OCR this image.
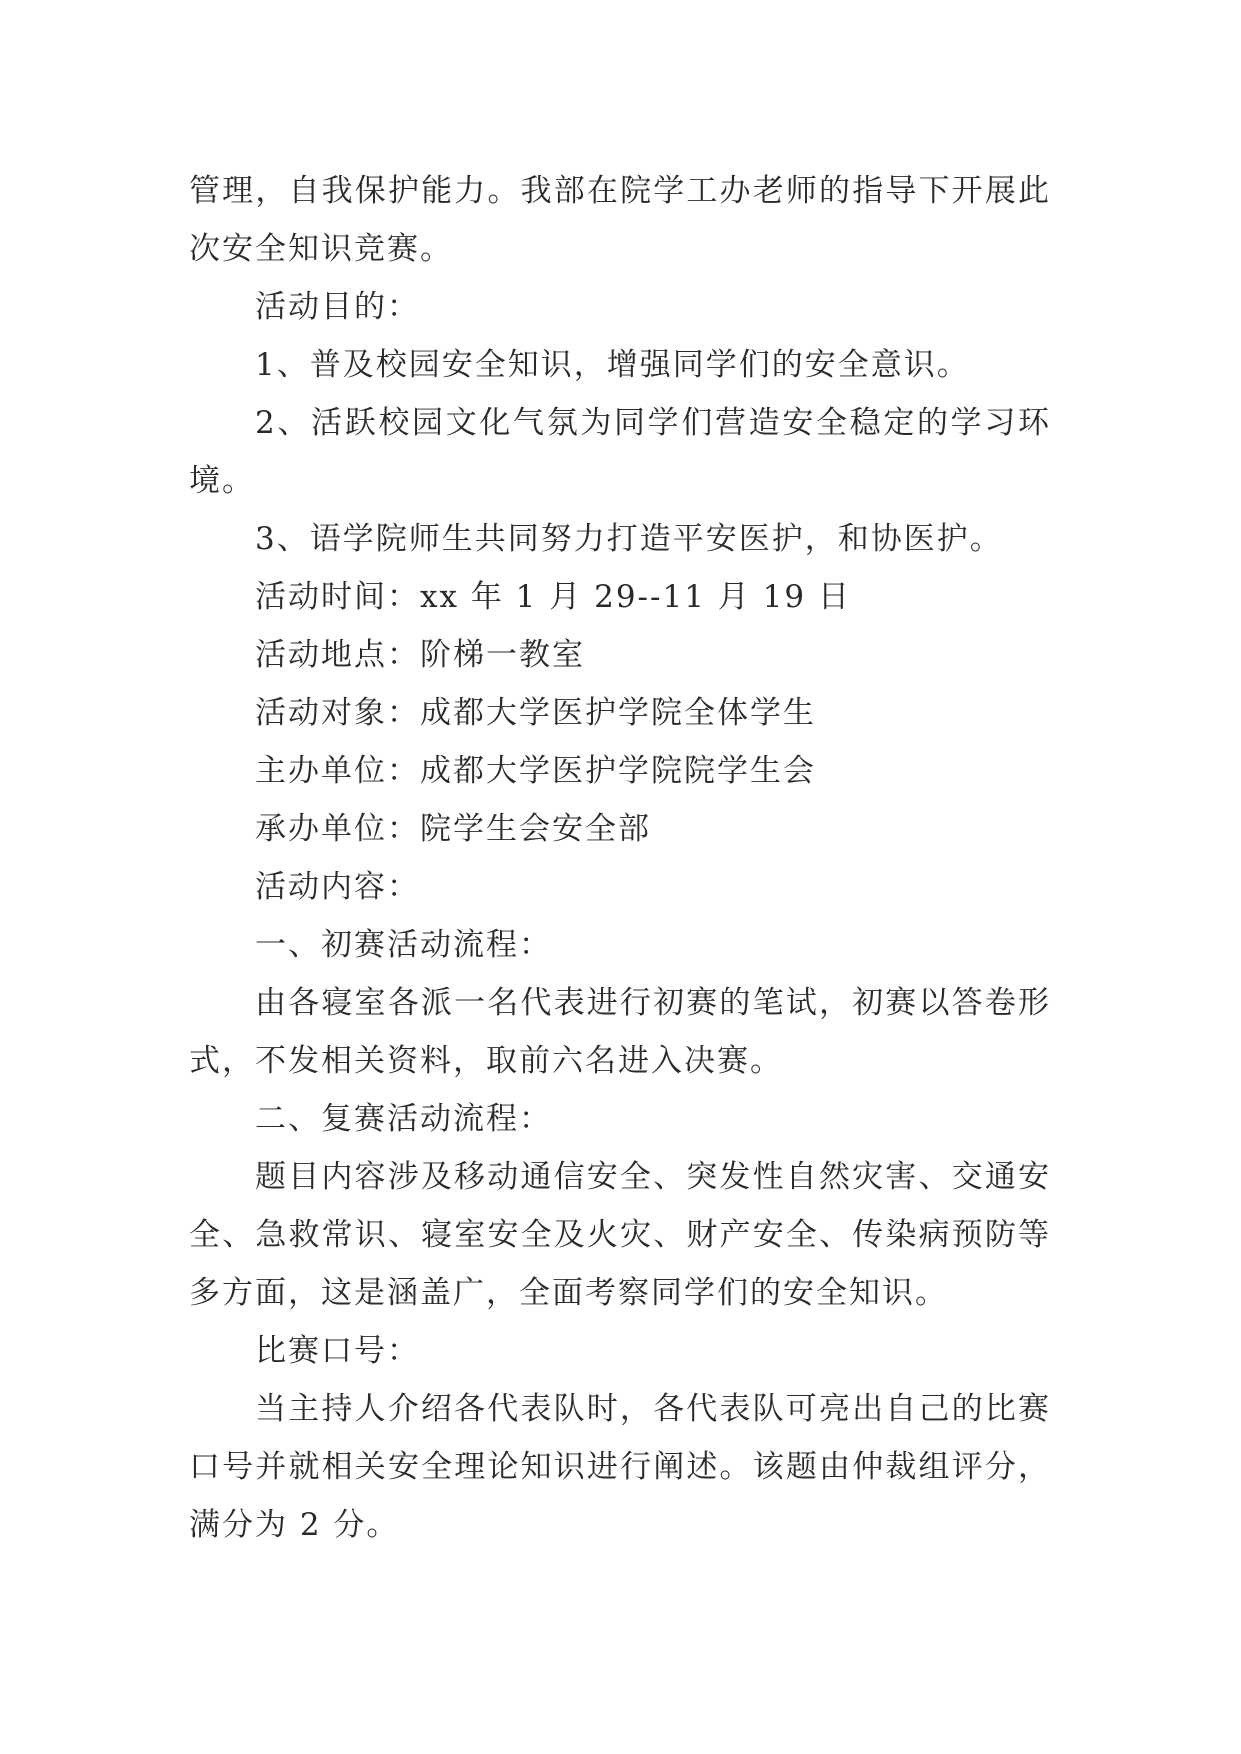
管理，自我保护能力。我部在院学工办老师的指导下开展此次安全知识竞赛。

活动目的：

1、普及校园安全知识，增强同学们的安全意识。

2、活跃校园文化气氛为同学们营造安全稳定的学习环境。

3、语学院师生共同努力打造平安医护，和协医护。

活动时间：xx 年 1 月 29--11 月 19 日

活动地点：阶梯一教室

活动对象：成都大学医护学院全体学生

主办单位：成都大学医护学院院学生会

承办单位：院学生会安全部

活动内容：

一、初赛活动流程：

由各寝室各派一名代表进行初赛的笔试，初赛以答卷形式，不发相关资料，取前六名进入决赛。

二、复赛活动流程：

题目内容涉及移动通信安全、突发性自然灾害、交通安全、急救常识、寝室安全及火灾、财产安全、传染病预防等多方面，这是涵盖广，全面考察同学们的安全知识。

比赛口号：

当主持人介绍各代表队时，各代表队可亮出自己的比赛口号并就相关安全理论知识进行阐述。该题由仲裁组评分，满分为 2 分。
